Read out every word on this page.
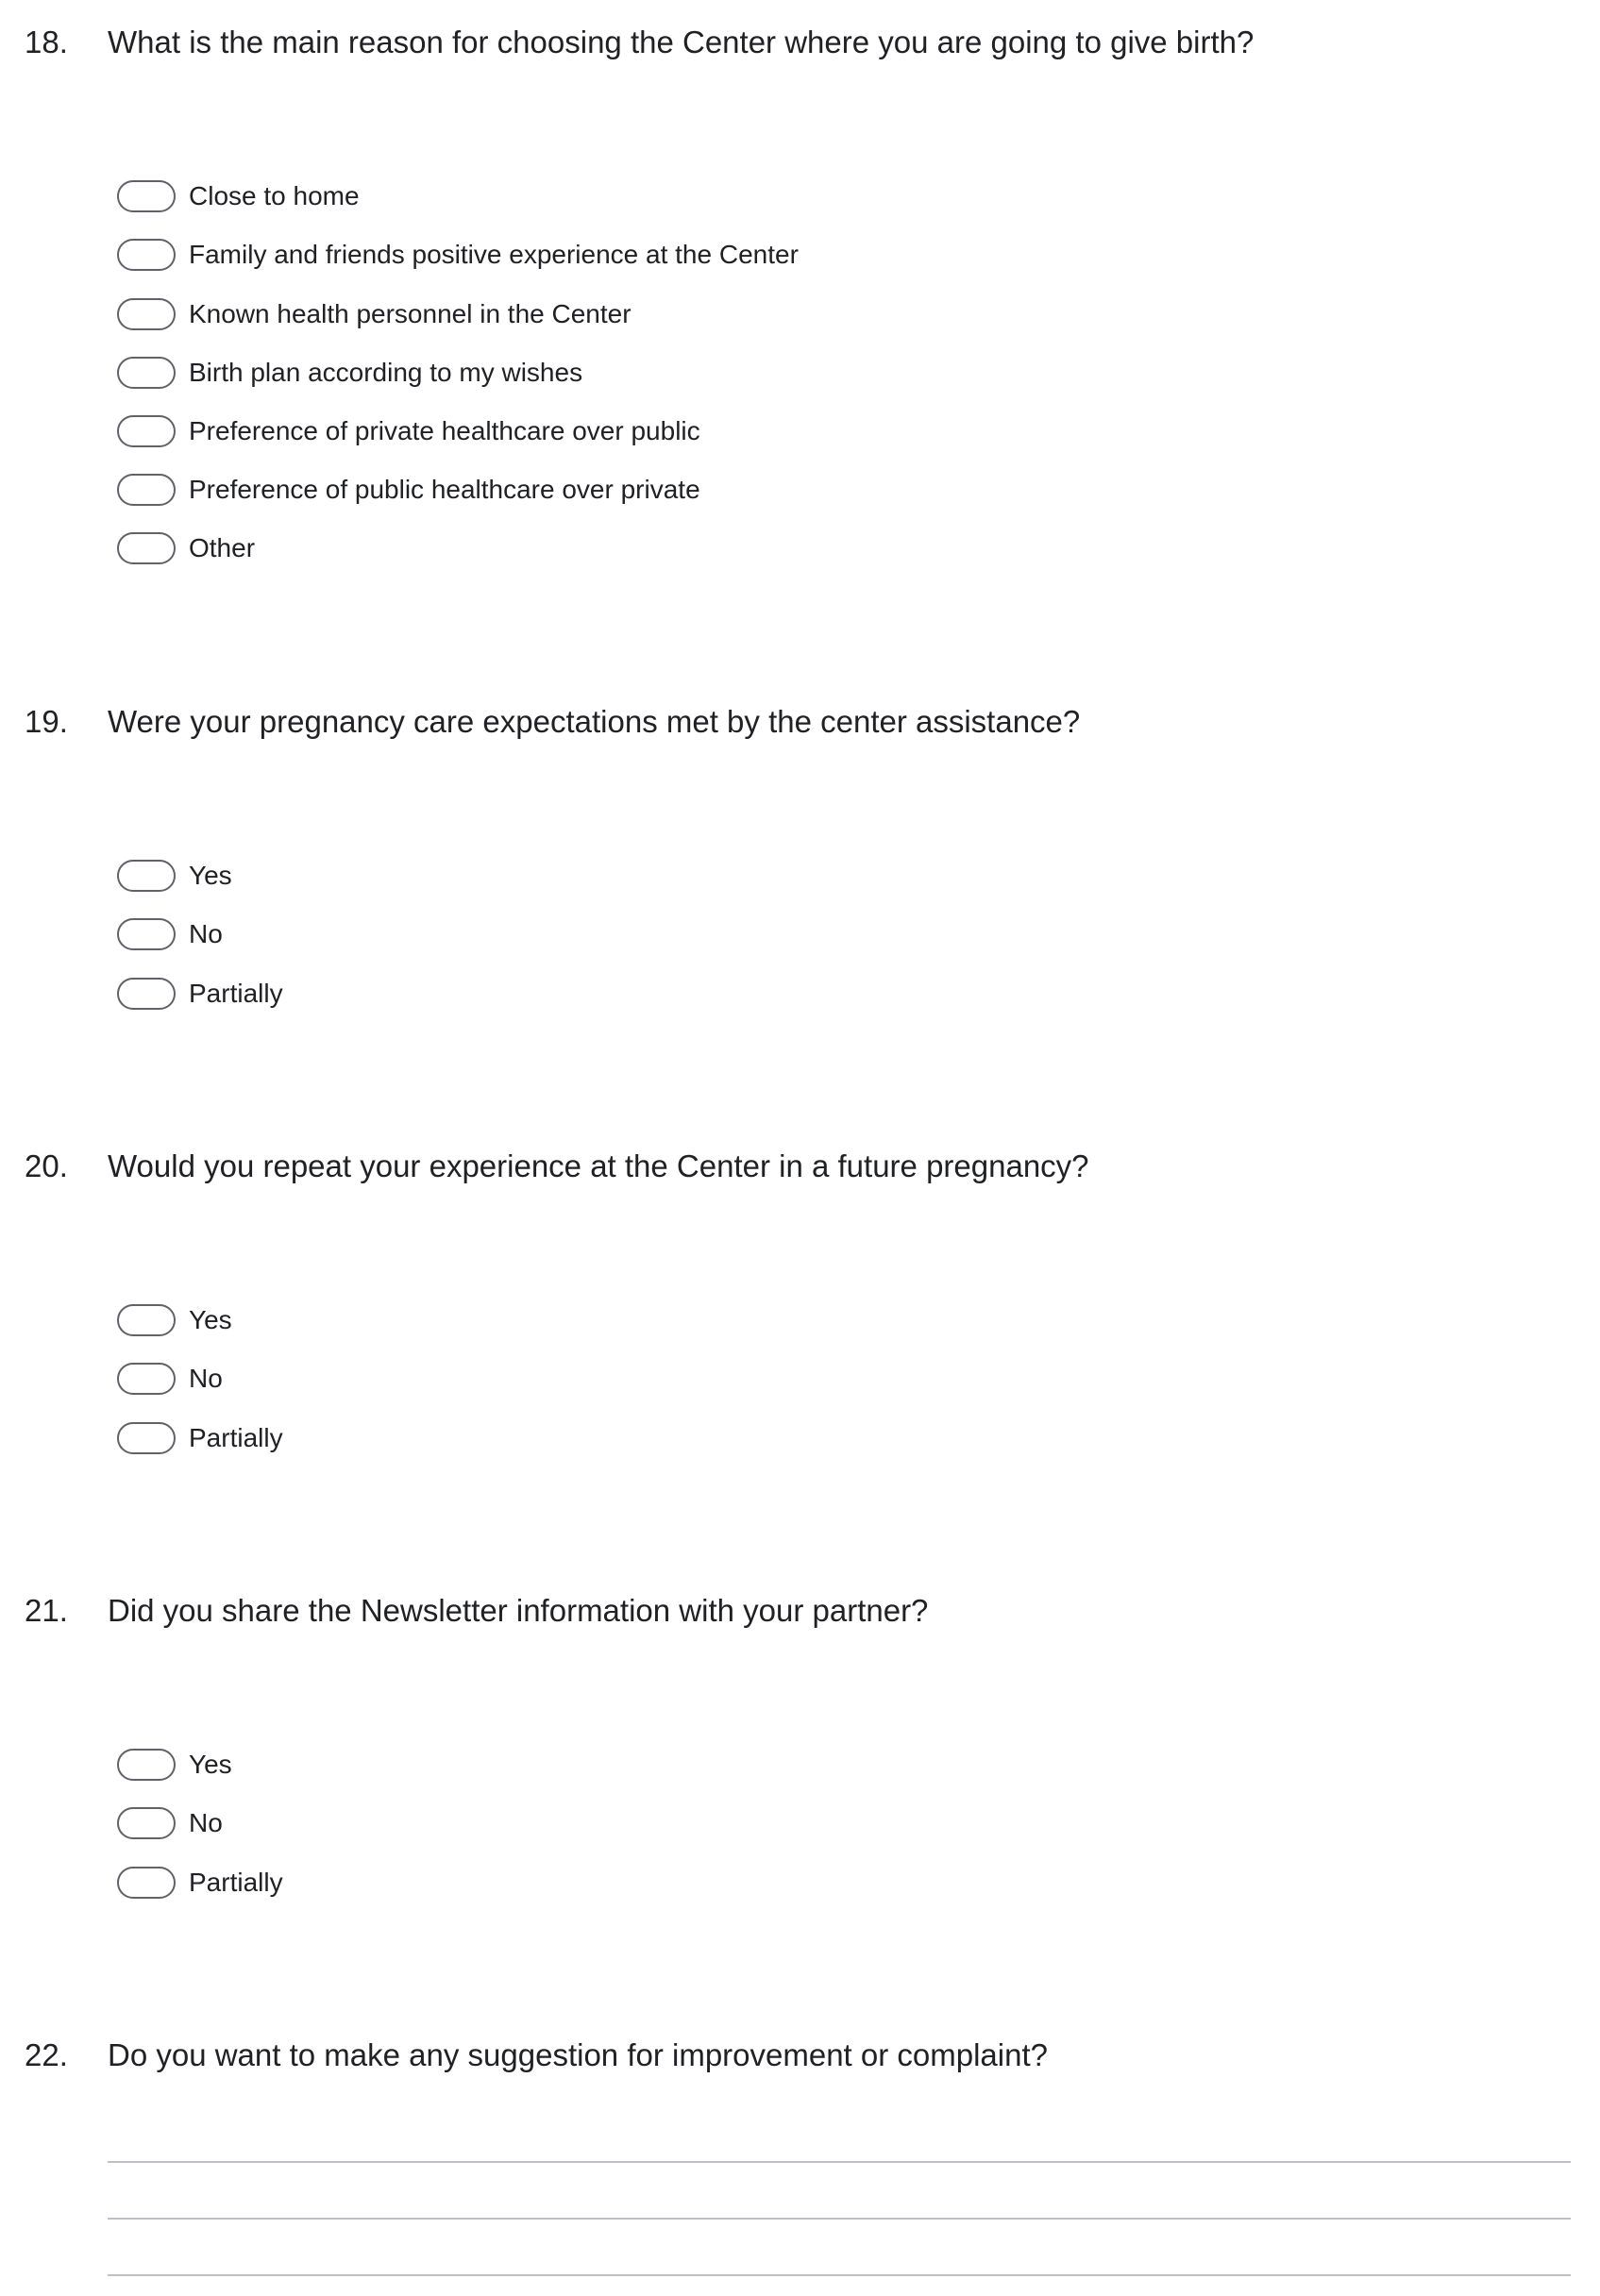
18. What is the main reason for choosing the Center where you are going to give birth?
Close to home
Family and friends positive experience at the Center
Known health personnel in the Center
Birth plan according to my wishes
Preference of private healthcare over public
Preference of public healthcare over private
Other
19. Were your pregnancy care expectations met by the center assistance?
Yes
No
Partially
20. Would you repeat your experience at the Center in a future pregnancy?
Yes
No
Partially
21. Did you share the Newsletter information with your partner?
Yes
No
Partially
22. Do you want to make any suggestion for improvement or complaint?
